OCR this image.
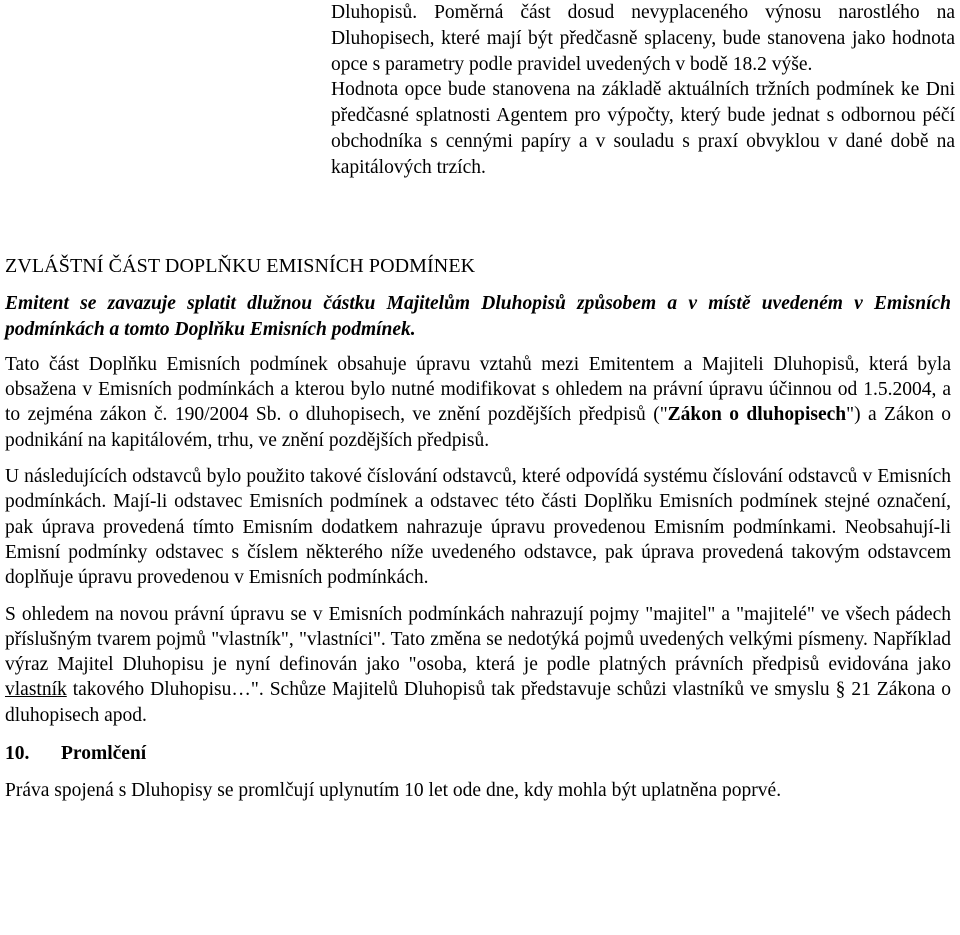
Dluhopisů. Poměrná část dosud nevyplaceného výnosu narostlého na Dluhopisech, které mají být předčasně splaceny, bude stanovena jako hodnota opce s parametry podle pravidel uvedených v bodě 18.2 výše.

Hodnota opce bude stanovena na základě aktuálních tržních podmínek ke Dni předčasné splatnosti Agentem pro výpočty, který bude jednat s odbornou péčí obchodníka s cennými papíry a v souladu s praxí obvyklou v dané době na kapitálových trzích.

ZVLÁŠTNÍ ČÁST DOPLŇKU EMISNÍCH PODMÍNEK

Emitent se zavazuje splatit dlužnou částku Majitelům Dluhopisů způsobem a v místě uvedeném v Emisních podmínkách a tomto Doplňku Emisních podmínek.

Tato část Doplňku Emisních podmínek obsahuje úpravu vztahů mezi Emitentem a Majiteli Dluhopisů, která byla obsažena v Emisních podmínkách a kterou bylo nutné modifikovat s ohledem na právní úpravu účinnou od 1.5.2004, a to zejména zákon č. 190/2004 Sb. o dluhopisech, ve znění pozdějších předpisů ("Zákon o dluhopisech") a Zákon o podnikání na kapitálovém, trhu, ve znění pozdějších předpisů.

U následujících odstavců bylo použito takové číslování odstavců, které odpovídá systému číslování odstavců v Emisních podmínkách. Mají-li odstavec Emisních podmínek a odstavec této části Doplňku Emisních podmínek stejné označení, pak úprava provedená tímto Emisním dodatkem nahrazuje úpravu provedenou Emisním podmínkami. Neobsahují-li Emisní podmínky odstavec s číslem některého níže uvedeného odstavce, pak úprava provedená takovým odstavcem doplňuje úpravu provedenou v Emisních podmínkách.

S ohledem na novou právní úpravu se v Emisních podmínkách nahrazují pojmy "majitel" a "majitelé" ve všech pádech příslušným tvarem pojmů "vlastník", "vlastníci". Tato změna se nedotýká pojmů uvedených velkými písmeny. Například výraz Majitel Dluhopisu je nyní definován jako "osoba, která je podle platných právních předpisů evidována jako vlastník takového Dluhopisu…". Schůze Majitelů Dluhopisů tak představuje schůzi vlastníků ve smyslu § 21 Zákona o dluhopisech apod.

10. Promlčení

Práva spojená s Dluhopisy se promlčují uplynutím 10 let ode dne, kdy mohla být uplatněna poprvé.
